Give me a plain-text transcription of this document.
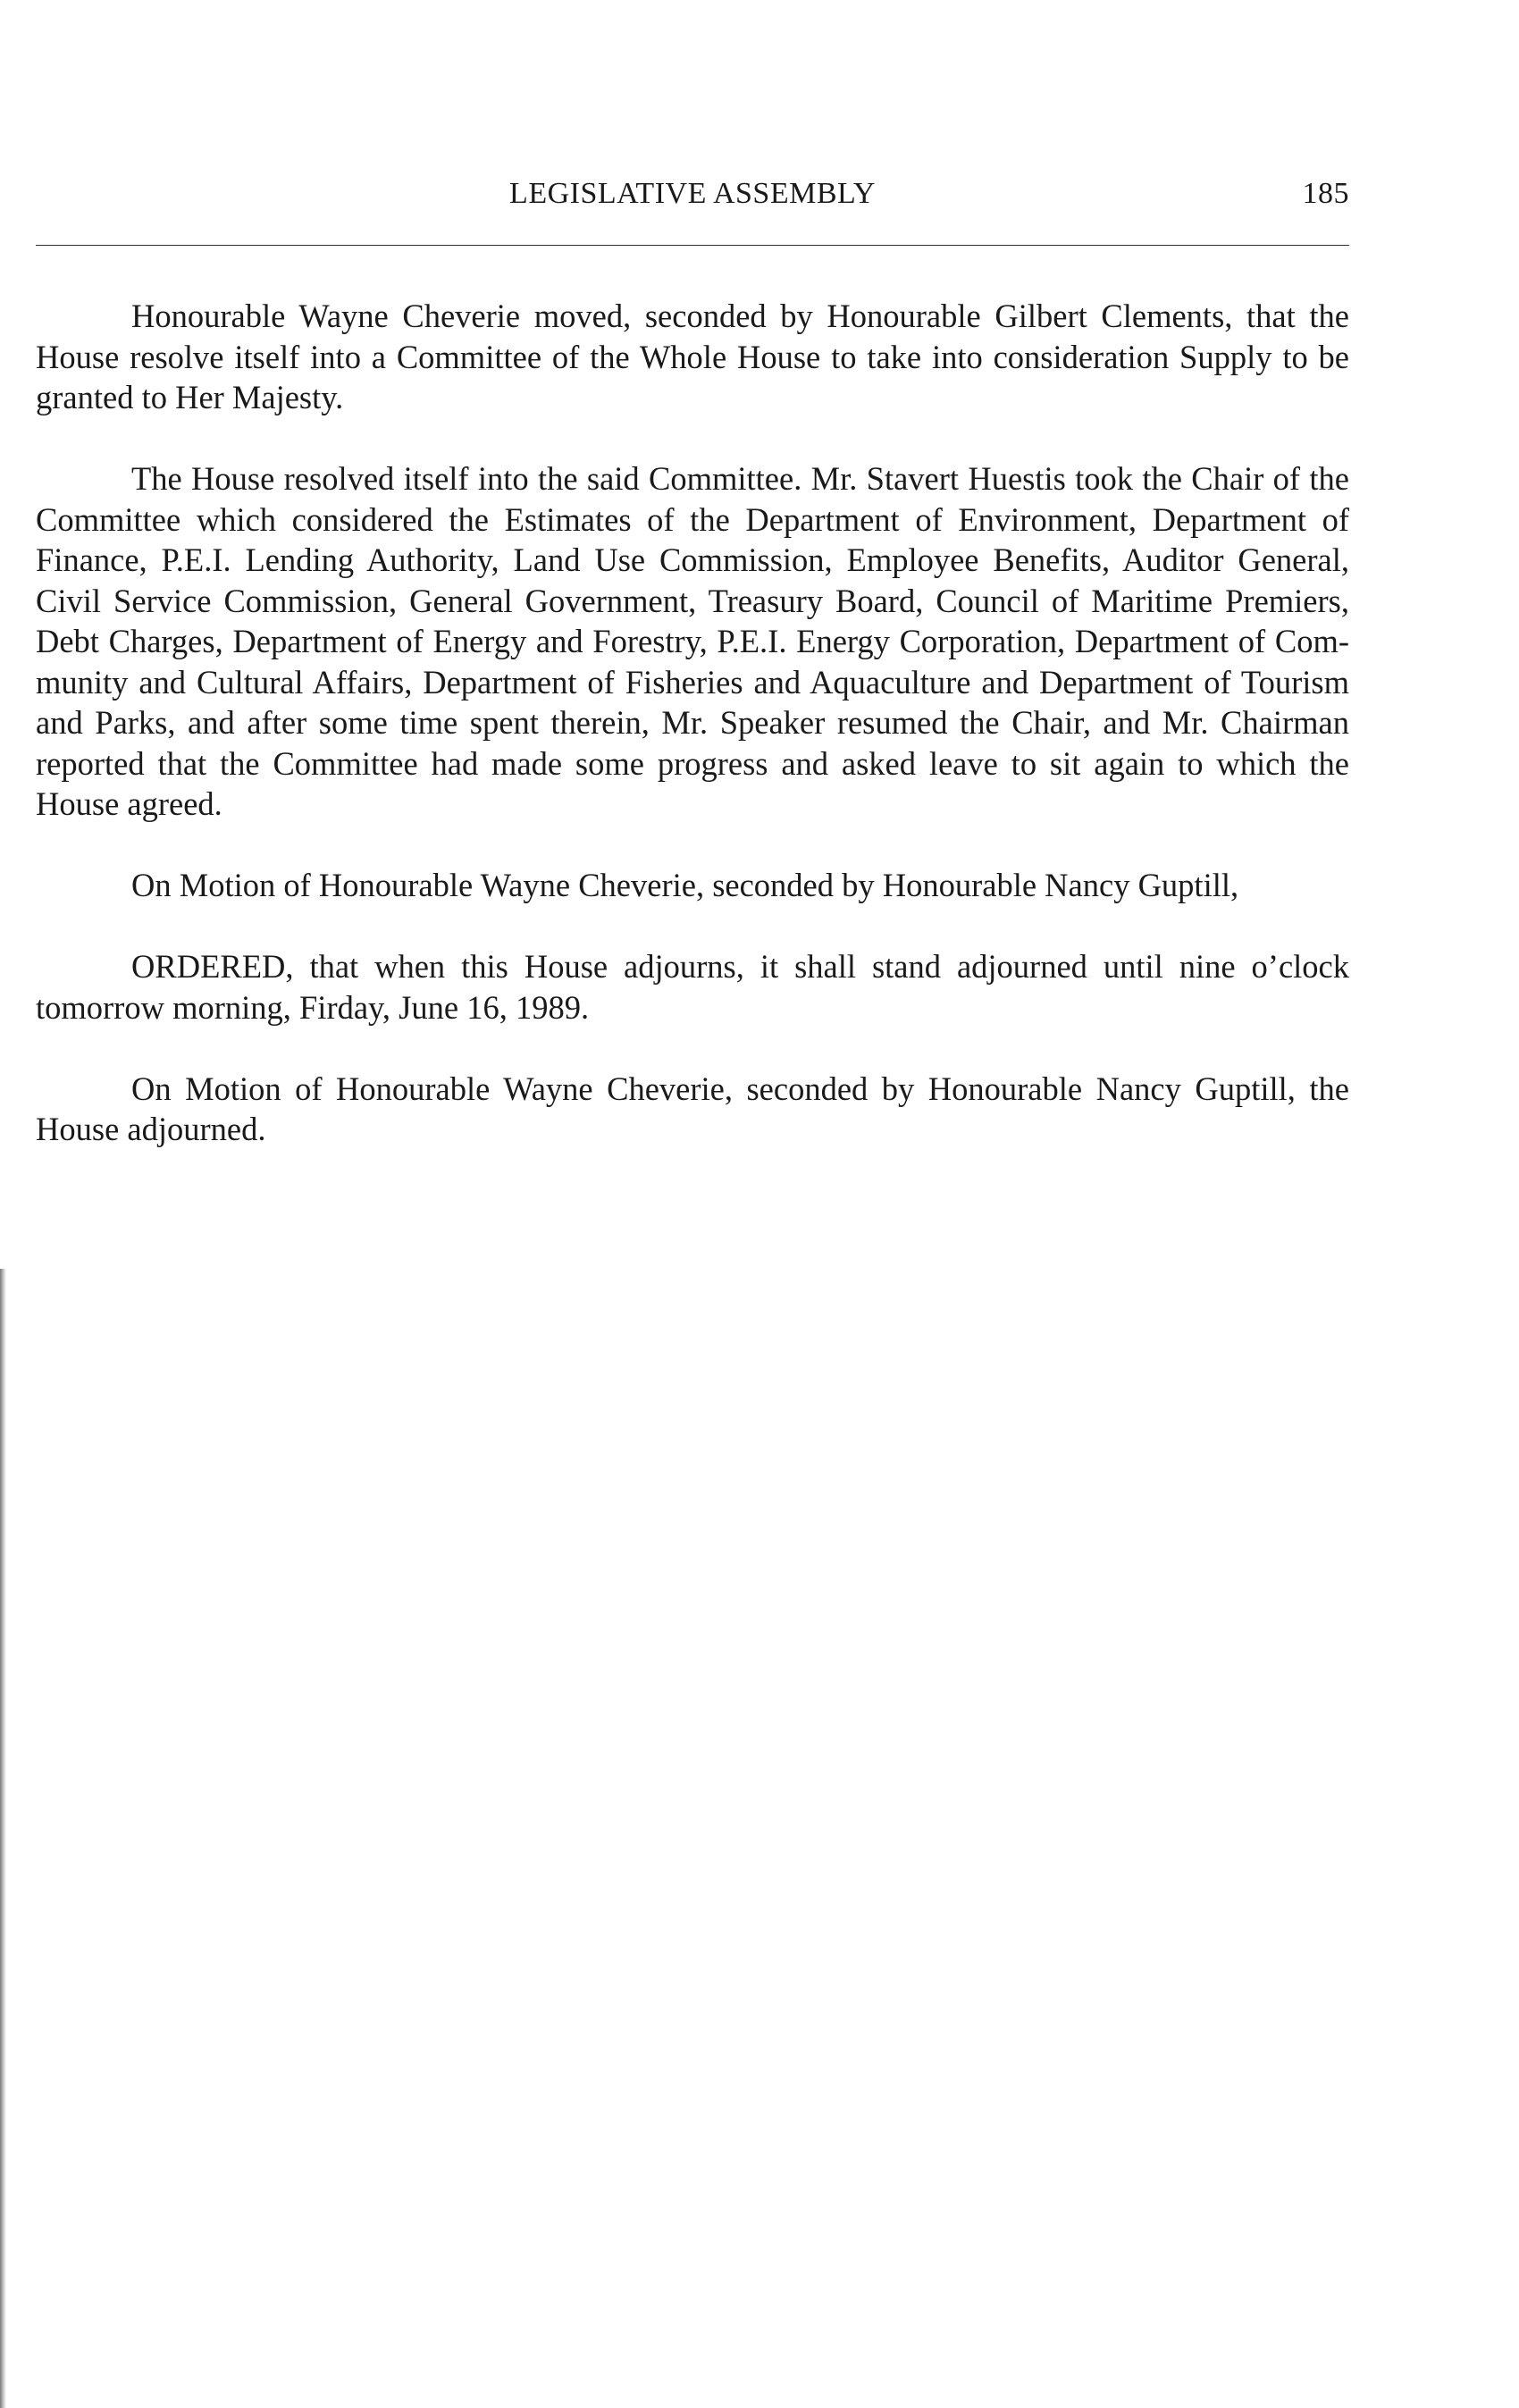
LEGISLATIVE ASSEMBLY	185

Honourable Wayne Cheverie moved, seconded by Honourable Gilbert Clements, that the House resolve itself into a Committee of the Whole House to take into consideration Supply to be granted to Her Majesty.

The House resolved itself into the said Committee. Mr. Stavert Huestis took the Chair of the Committee which considered the Estimates of the Department of Environment, Department of Finance, P.E.I. Lending Authority, Land Use Commission, Employee Benefits, Auditor General, Civil Service Commission, General Government, Treasury Board, Council of Maritime Premiers, Debt Charges, Department of Energy and Forestry, P.E.I. Energy Corporation, Department of Community and Cultural Affairs, Department of Fisheries and Aquaculture and Department of Tourism and Parks, and after some time spent therein, Mr. Speaker resumed the Chair, and Mr. Chairman reported that the Committee had made some progress and asked leave to sit again to which the House agreed.

On Motion of Honourable Wayne Cheverie, seconded by Honourable Nancy Guptill,

ORDERED, that when this House adjourns, it shall stand adjourned until nine o’clock tomorrow morning, Firday, June 16, 1989.

On Motion of Honourable Wayne Cheverie, seconded by Honourable Nancy Guptill, the House adjourned.
